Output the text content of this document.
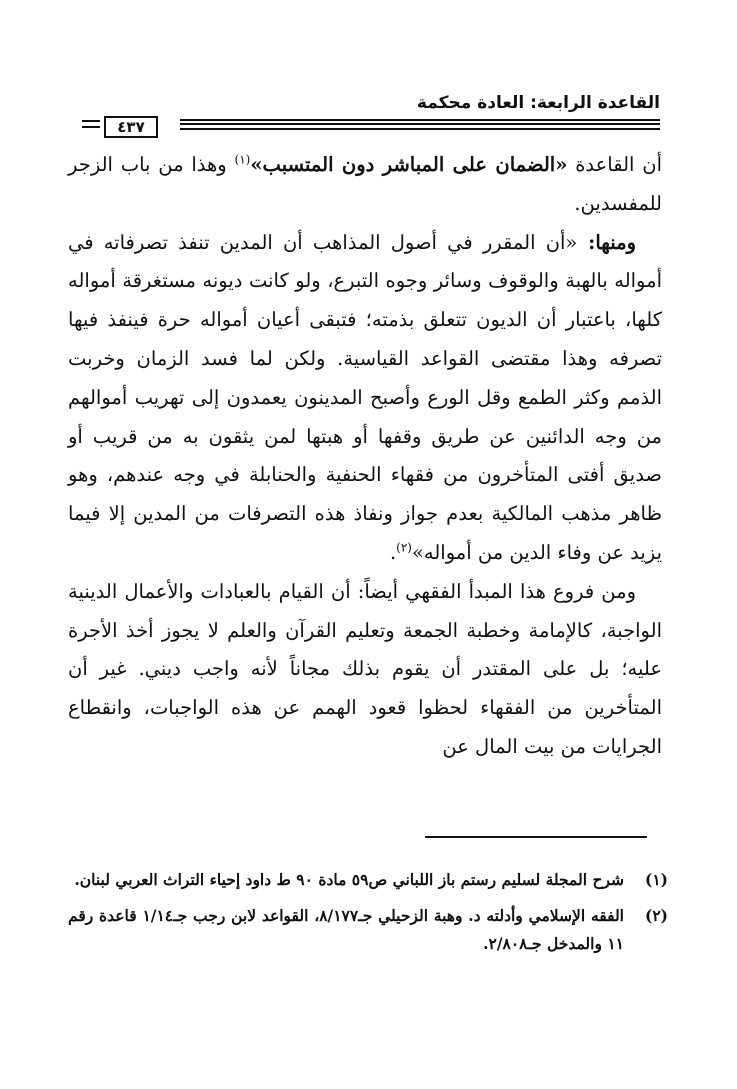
القاعدة الرابعة: العادة محكمة
٤٣٧

أن القاعدة «الضمان على المباشر دون المتسبب»$^{(١)}$ وهذا من باب الزجر للمفسدين.

ومنها: «أن المقرر في أصول المذاهب أن المدين تنفذ تصرفاته في أمواله بالهبة والوقوف وسائر وجوه التبرع، ولو كانت ديونه مستغرقة أمواله كلها، باعتبار أن الديون تتعلق بذمته؛ فتبقى أعيان أمواله حرة فينفذ فيها تصرفه وهذا مقتضى القواعد القياسية. ولكن لما فسد الزمان وخربت الذمم وكثر الطمع وقل الورع وأصبح المدينون يعمدون إلى تهريب أموالهم من وجه الدائنين عن طريق وقفها أو هبتها لمن يثقون به من قريب أو صديق أفتى المتأخرون من فقهاء الحنفية والحنابلة في وجه عندهم، وهو ظاهر مذهب المالكية بعدم جواز ونفاذ هذه التصرفات من المدين إلا فيما يزيد عن وفاء الدين من أمواله»$^{(٢)}$.

ومن فروع هذا المبدأ الفقهي أيضاً: أن القيام بالعبادات والأعمال الدينية الواجبة، كالإمامة وخطبة الجمعة وتعليم القرآن والعلم لا يجوز أخذ الأجرة عليه؛ بل على المقتدر أن يقوم بذلك مجاناً لأنه واجب ديني. غير أن المتأخرين من الفقهاء لحظوا قعود الهمم عن هذه الواجبات، وانقطاع الجرايات من بيت المال عن

(١)
شرح المجلة لسليم رستم باز اللباني ص٥٩ مادة ٩٠ ط داود إحياء التراث العربي لبنان.
(٢)
الفقه الإسلامي وأدلته د. وهبة الزحيلي جـ٨/١٧٧، القواعد لابن رجب جـ١/١٤ قاعدة رقم ١١ والمدخل جـ٢/٨٠٨.
